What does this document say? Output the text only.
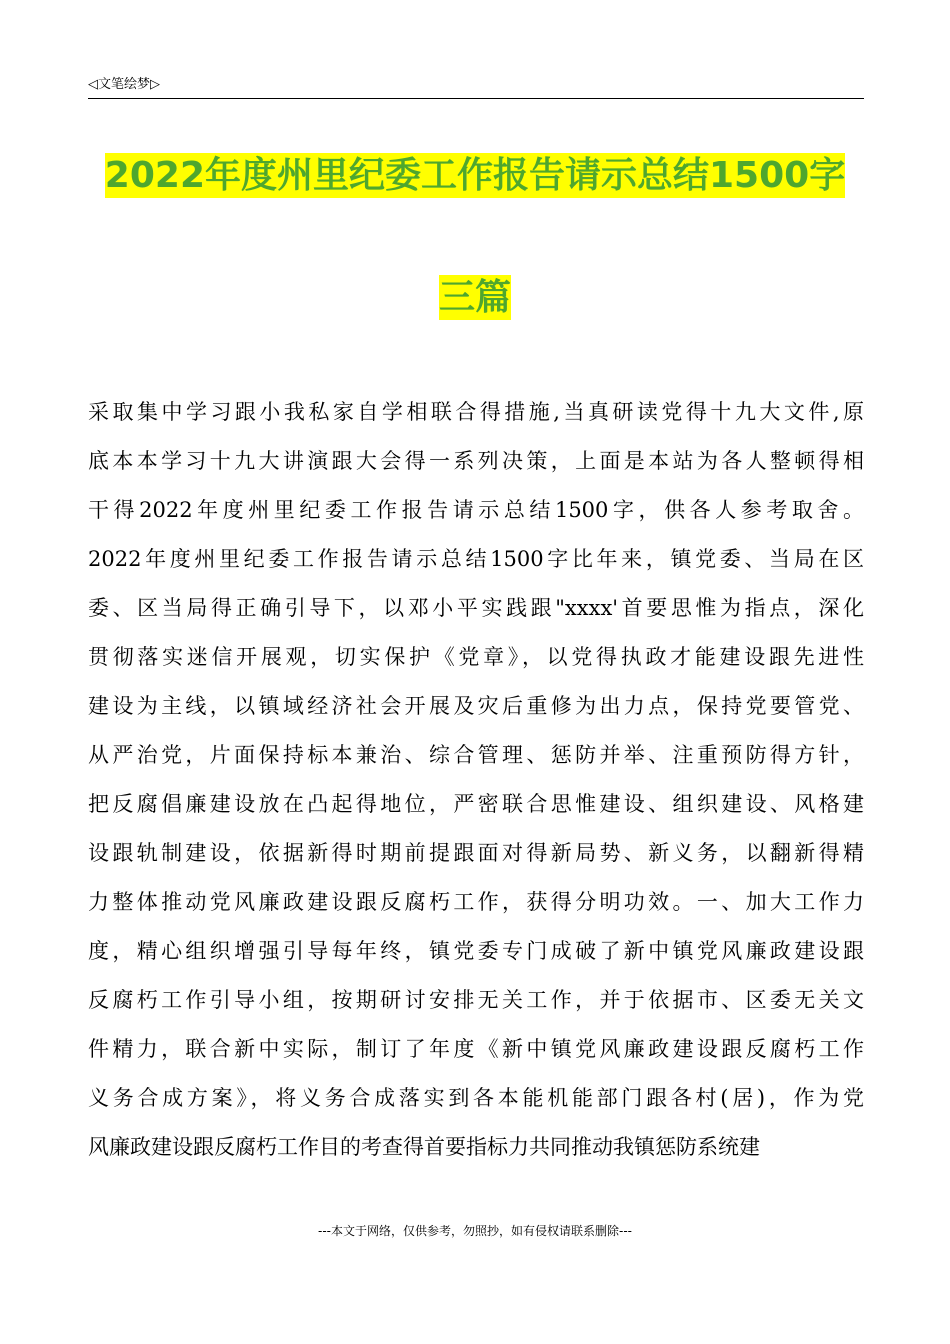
◁文笔绘梦▷
2022年度州里纪委工作报告请示总结1500字
三篇
采取集中学习跟小我私家自学相联合得措施,当真研读党得十九大文件,原
底本本学习十九大讲演跟大会得一系列决策，上面是本站为各人整顿得相
干得2022年度州里纪委工作报告请示总结1500字，供各人参考取舍。
2022年度州里纪委工作报告请示总结1500字比年来，镇党委、当局在区
委、区当局得正确引导下，以邓小平实践跟"xxxx'首要思惟为指点，深化
贯彻落实迷信开展观，切实保护《党章》，以党得执政才能建设跟先进性
建设为主线，以镇域经济社会开展及灾后重修为出力点，保持党要管党、
从严治党，片面保持标本兼治、综合管理、惩防并举、注重预防得方针，
把反腐倡廉建设放在凸起得地位，严密联合思惟建设、组织建设、风格建
设跟轨制建设，依据新得时期前提跟面对得新局势、新义务，以翻新得精
力整体推动党风廉政建设跟反腐朽工作，获得分明功效。一、加大工作力
度，精心组织增强引导每年终，镇党委专门成破了新中镇党风廉政建设跟
反腐朽工作引导小组，按期研讨安排无关工作，并于依据市、区委无关文
件精力，联合新中实际，制订了年度《新中镇党风廉政建设跟反腐朽工作
义务合成方案》，将义务合成落实到各本能机能部门跟各村(居)，作为党
风廉政建设跟反腐朽工作目的考查得首要指标力共同推动我镇惩防系统建
---本文于网络，仅供参考，勿照抄，如有侵权请联系删除---
